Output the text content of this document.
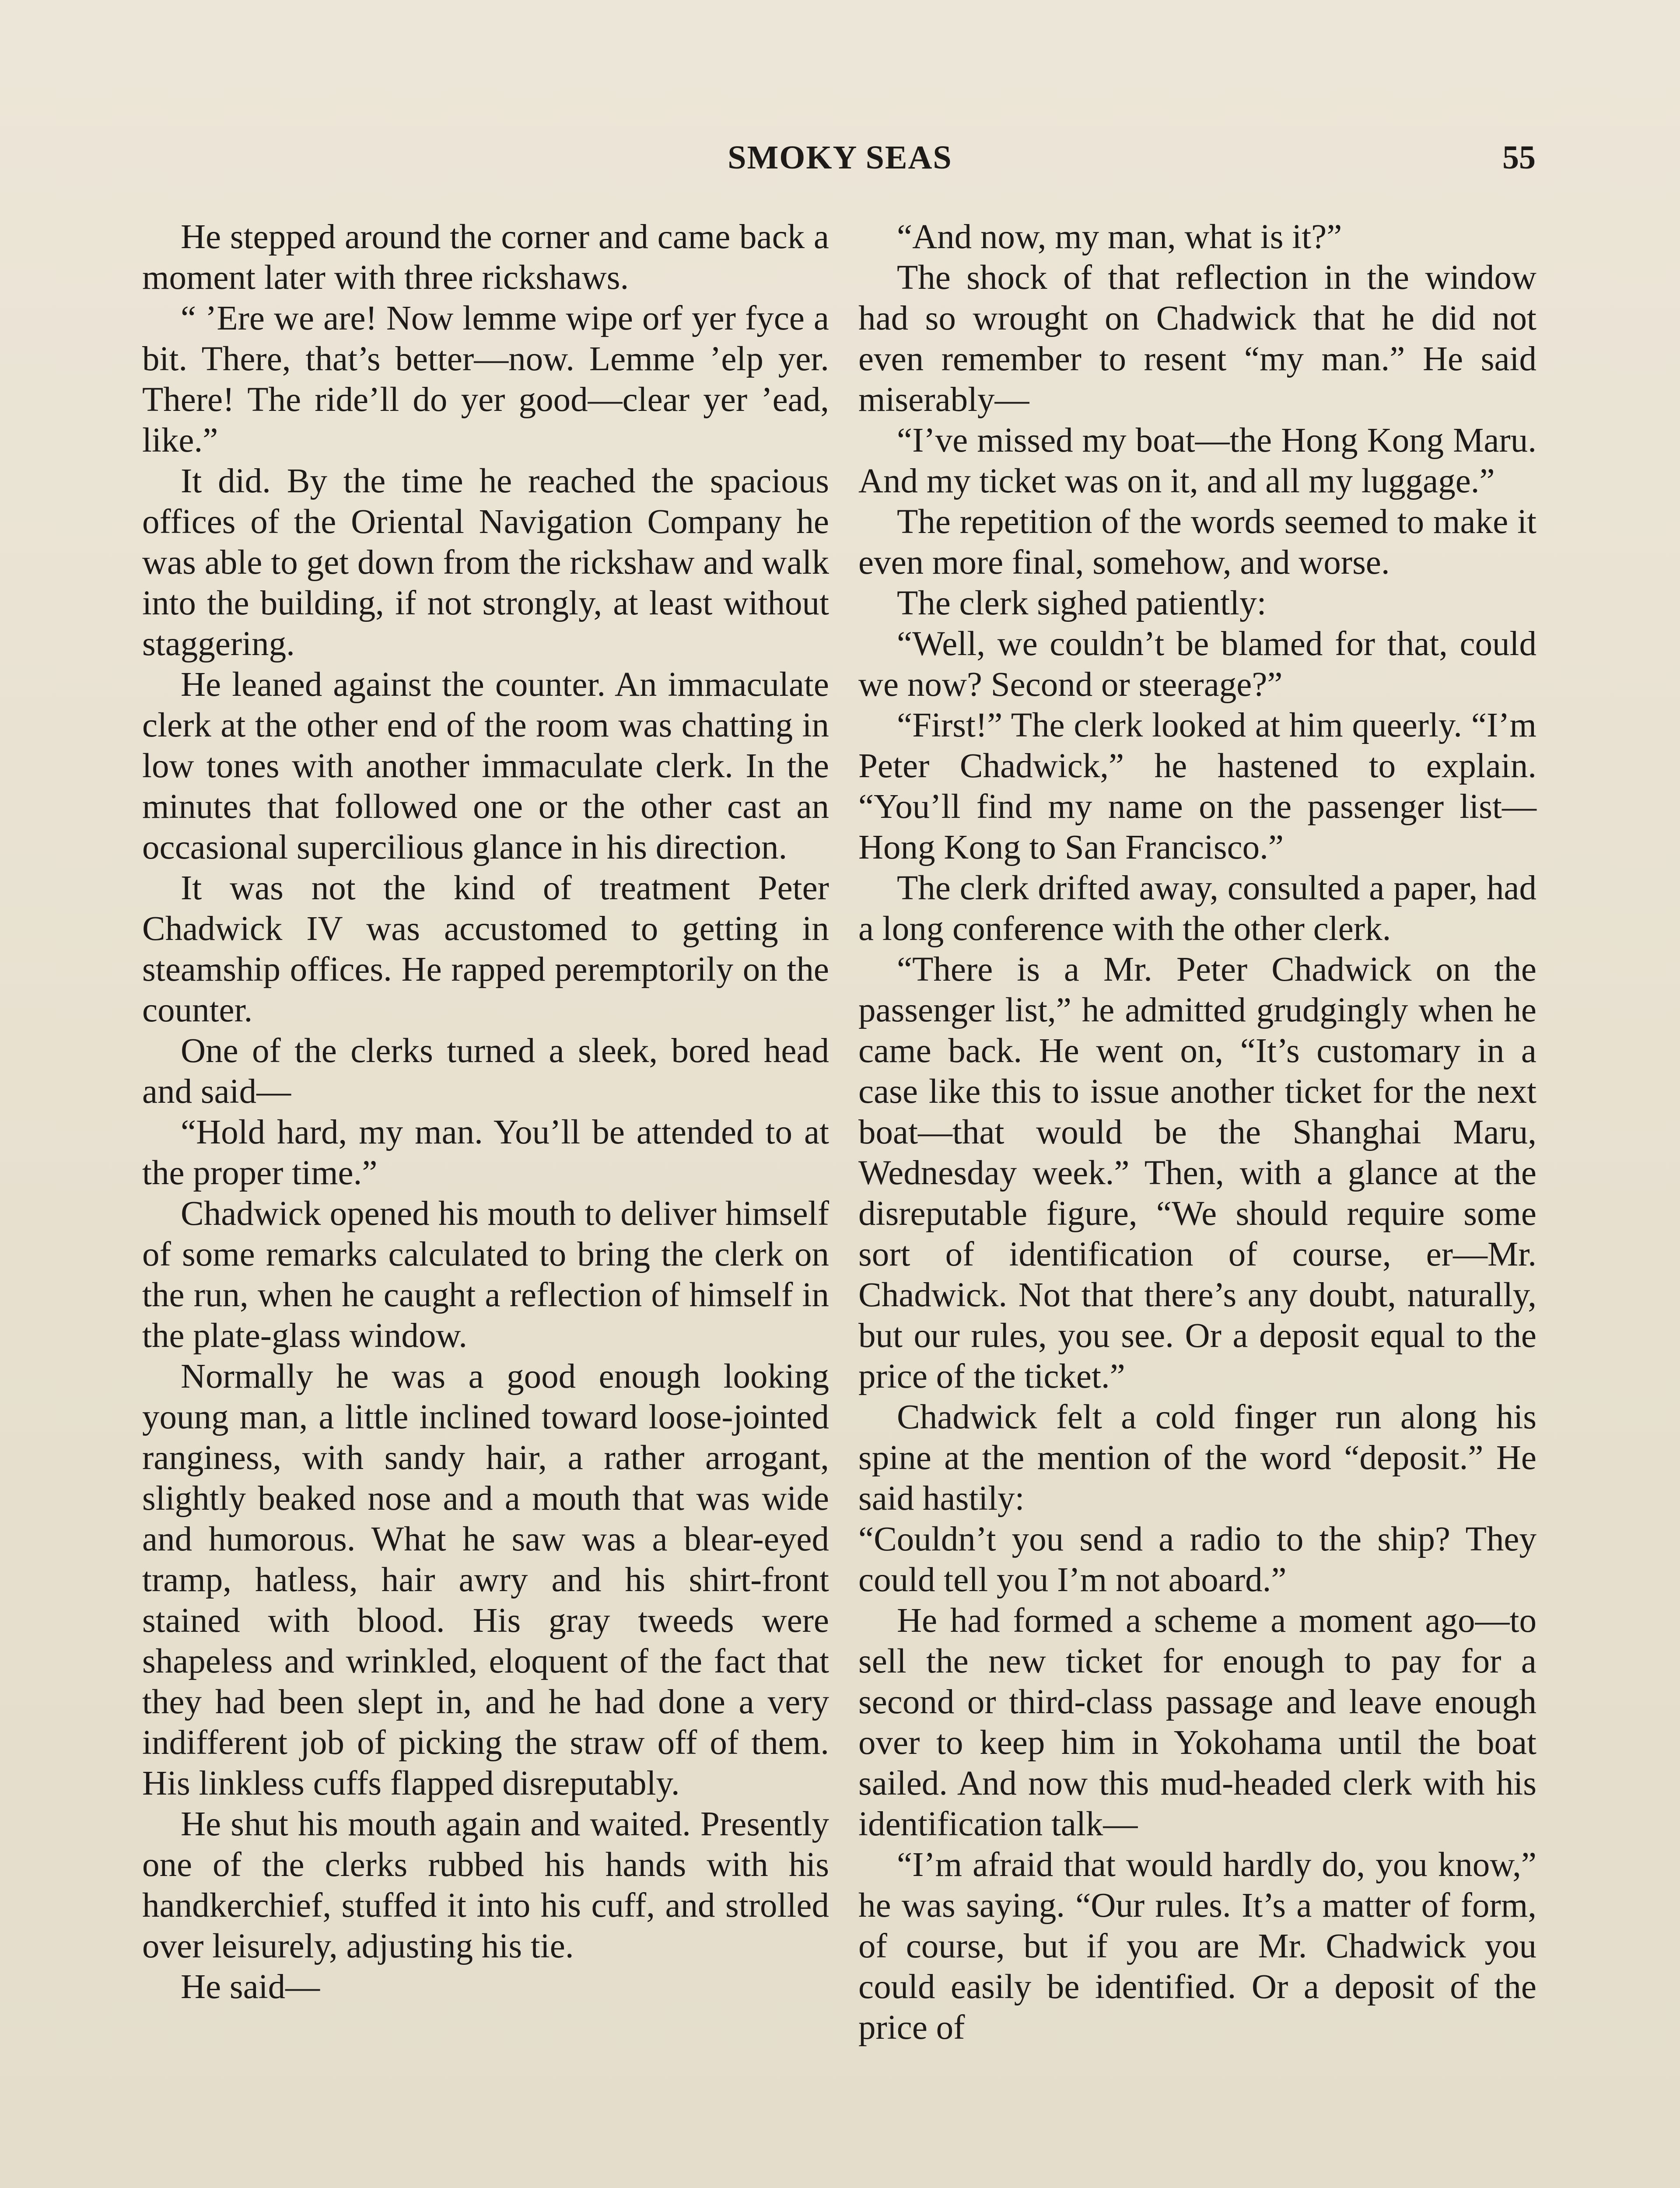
SMOKY SEAS	55

He stepped around the corner and came back a moment later with three rickshaws.

“ ’Ere we are! Now lemme wipe orf yer fyce a bit. There, that’s better—now. Lemme ’elp yer. There! The ride’ll do yer good—clear yer ’ead, like.”

It did. By the time he reached the spacious offices of the Oriental Navigation Company he was able to get down from the rickshaw and walk into the building, if not strongly, at least without staggering.

He leaned against the counter. An immaculate clerk at the other end of the room was chatting in low tones with another immaculate clerk. In the minutes that followed one or the other cast an occasional supercilious glance in his direction.

It was not the kind of treatment Peter Chadwick IV was accustomed to getting in steamship offices. He rapped peremptorily on the counter.

One of the clerks turned a sleek, bored head and said—

“Hold hard, my man. You’ll be attended to at the proper time.”

Chadwick opened his mouth to deliver himself of some remarks calculated to bring the clerk on the run, when he caught a reflection of himself in the plate-glass window.

Normally he was a good enough looking young man, a little inclined toward loose-jointed ranginess, with sandy hair, a rather arrogant, slightly beaked nose and a mouth that was wide and humorous. What he saw was a blear-eyed tramp, hatless, hair awry and his shirt-front stained with blood. His gray tweeds were shapeless and wrinkled, eloquent of the fact that they had been slept in, and he had done a very indifferent job of picking the straw off of them. His linkless cuffs flapped disreputably.

He shut his mouth again and waited. Presently one of the clerks rubbed his hands with his handkerchief, stuffed it into his cuff, and strolled over leisurely, adjusting his tie.

He said—

“And now, my man, what is it?”

The shock of that reflection in the window had so wrought on Chadwick that he did not even remember to resent “my man.” He said miserably—

“I’ve missed my boat—the Hong Kong Maru. And my ticket was on it, and all my luggage.”

The repetition of the words seemed to make it even more final, somehow, and worse.

The clerk sighed patiently:

“Well, we couldn’t be blamed for that, could we now? Second or steerage?”

“First!” The clerk looked at him queerly. “I’m Peter Chadwick,” he hastened to explain. “You’ll find my name on the passenger list—Hong Kong to San Francisco.”

The clerk drifted away, consulted a paper, had a long conference with the other clerk.

“There is a Mr. Peter Chadwick on the passenger list,” he admitted grudgingly when he came back. He went on, “It’s customary in a case like this to issue another ticket for the next boat—that would be the Shanghai Maru, Wednesday week.” Then, with a glance at the disreputable figure, “We should require some sort of identification of course, er—Mr. Chadwick. Not that there’s any doubt, naturally, but our rules, you see. Or a deposit equal to the price of the ticket.”

Chadwick felt a cold finger run along his spine at the mention of the word “deposit.” He said hastily:

“Couldn’t you send a radio to the ship? They could tell you I’m not aboard.”

He had formed a scheme a moment ago—to sell the new ticket for enough to pay for a second or third-class passage and leave enough over to keep him in Yokohama until the boat sailed. And now this mud-headed clerk with his identification talk—

“I’m afraid that would hardly do, you know,” he was saying. “Our rules. It’s a matter of form, of course, but if you are Mr. Chadwick you could easily be identified. Or a deposit of the price of
